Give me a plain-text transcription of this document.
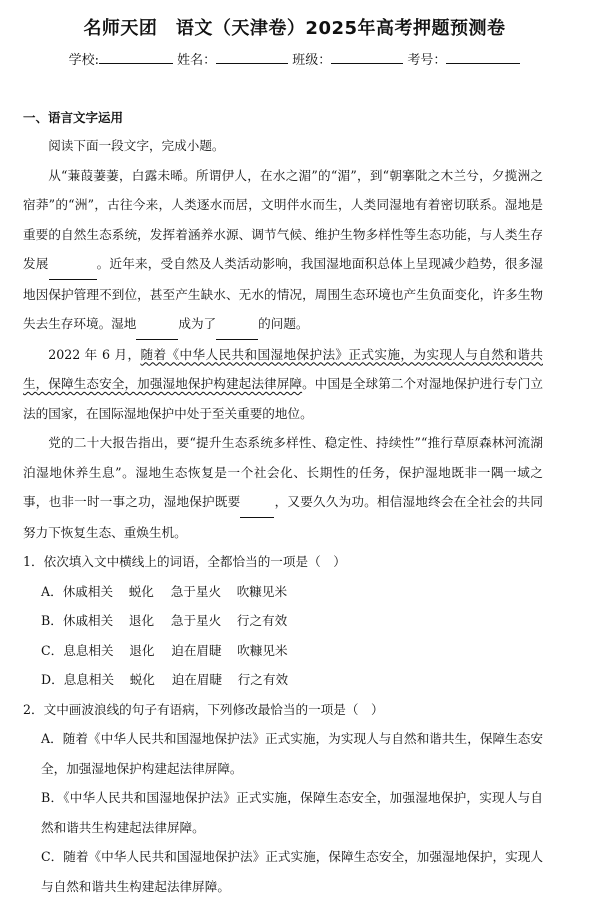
名师天团　语文（天津卷）2025年高考押题预测卷
学校:	姓名：	班级：	考号：
一、语言文字运用

阅读下面一段文字，完成小题。

从“蒹葭萋萋，白露未晞。所谓伊人，在水之湄”的“湄”，到“朝搴阰之木兰兮，夕揽洲之宿莽”的“洲”，古往今来，人类逐水而居，文明伴水而生，人类同湿地有着密切联系。湿地是重要的自然生态系统，发挥着涵养水源、调节气候、维护生物多样性等生态功能，与人类生存发展	。近年来，受自然及人类活动影响，我国湿地面积总体上呈现减少趋势，很多湿地因保护管理不到位，甚至产生缺水、无水的情况，周围生态环境也产生负面变化，许多生物失去生存环境。湿地	成为了	的问题。

2022 年 6 月，随着《中华人民共和国湿地保护法》正式实施，为实现人与自然和谐共生，保障生态安全，加强湿地保护构建起法律屏障。中国是全球第二个对湿地保护进行专门立法的国家，在国际湿地保护中处于至关重要的地位。

党的二十大报告指出，要“提升生态系统多样性、稳定性、持续性”“推行草原森林河流湖泊湿地休养生息”。湿地生态恢复是一个社会化、长期性的任务，保护湿地既非一隅一域之事，也非一时一事之功，湿地保护既要	，又要久久为功。相信湿地终会在全社会的共同努力下恢复生态、重焕生机。

1．依次填入文中横线上的词语，全都恰当的一项是（　）

A．休戚相关 蜕化 急于星火 吹糠见米

B．休戚相关 退化 急于星火 行之有效

C．息息相关 退化 迫在眉睫 吹糠见米

D．息息相关 蜕化 迫在眉睫 行之有效

2．文中画波浪线的句子有语病，下列修改最恰当的一项是（　）

A．随着《中华人民共和国湿地保护法》正式实施，为实现人与自然和谐共生，保障生态安全，加强湿地保护构建起法律屏障。

B．《中华人民共和国湿地保护法》正式实施，保障生态安全，加强湿地保护，实现人与自然和谐共生构建起法律屏障。

C．随着《中华人民共和国湿地保护法》正式实施，保障生态安全，加强湿地保护，实现人与自然和谐共生构建起法律屏障。
